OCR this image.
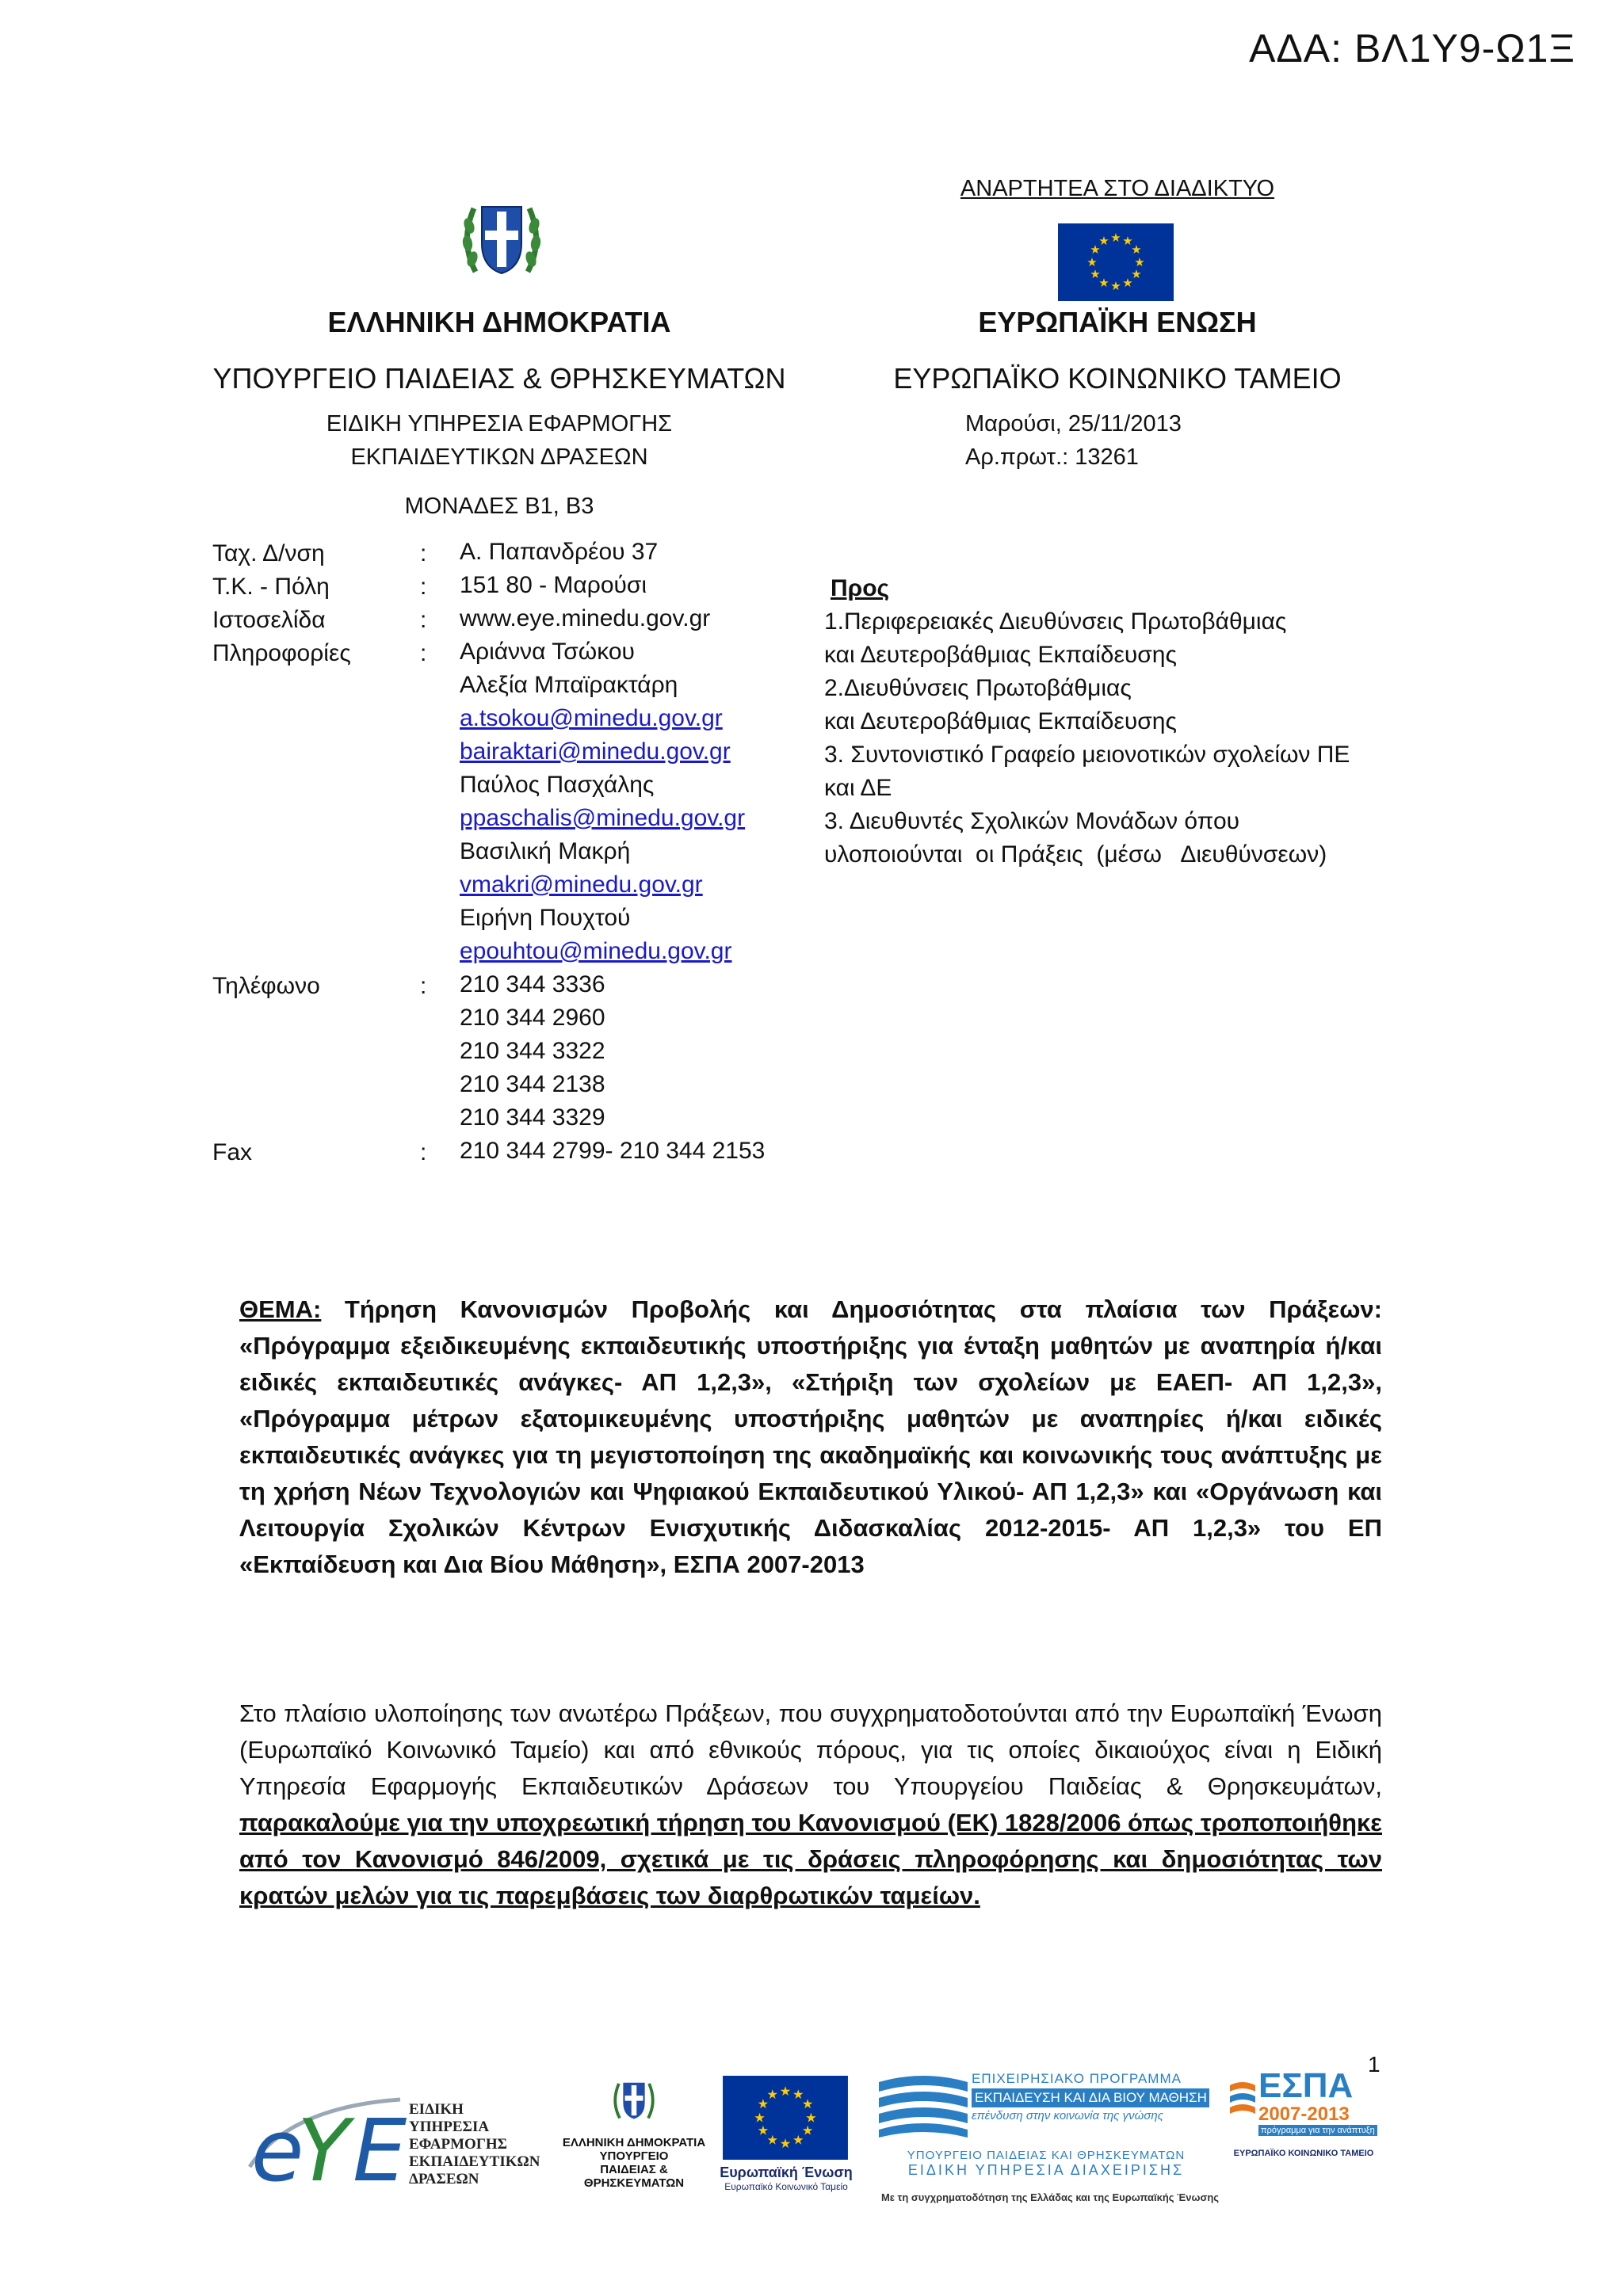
ΑΔΑ: ΒΛ1Υ9-Ω1Ξ
★ ★
★
★
★
★
★
★
★
★
★
★
ΑΝΑΡΤΗΤΕΑ ΣΤΟ ΔΙΑΔΙΚΤΥΟ
ΕΥΡΩΠΑΪΚΗ ΕΝΩΣΗ
ΕΥΡΩΠΑΪΚΟ ΚΟΙΝΩΝΙΚΟ ΤΑΜΕΙΟ
Μαρούσι, 25/11/2013
Αρ.πρωτ.: 13261
ΕΛΛΗΝΙΚΗ ΔΗΜΟΚΡΑΤΙΑ
ΥΠΟΥΡΓΕΙΟ ΠΑΙΔΕΙΑΣ & ΘΡΗΣΚΕΥΜΑΤΩΝ
ΕΙΔΙΚΗ ΥΠΗΡΕΣΙΑ ΕΦΑΡΜΟΓΗΣ
ΕΚΠΑΙΔΕΥΤΙΚΩΝ ΔΡΑΣΕΩΝ
ΜΟΝΑΔΕΣ Β1, Β3
Ταχ. Δ/νση	: Α. Παπανδρέου 37
Τ.Κ. - Πόλη	: 151 80 - Μαρούσι
Ιστοσελίδα	: www.eye.minedu.gov.gr
Πληροφορίες	: Αριάννα Τσώκου
Αλεξία Μπαϊρακτάρη
a.tsokou@minedu.gov.gr
bairaktari@minedu.gov.gr
Παύλος Πασχάλης
ppaschalis@minedu.gov.gr
Βασιλική Μακρή
vmakri@minedu.gov.gr
Ειρήνη Πουχτού
epouhtou@minedu.gov.gr
Τηλέφωνο	: 210 344 3336
210 344 2960
210 344 3322
210 344 2138
210 344 3329
Fax	: 210 344 2799- 210 344 2153
Προς
1.Περιφερειακές Διευθύνσεις Πρωτοβάθμιας
και Δευτεροβάθμιας Εκπαίδευσης
2.Διευθύνσεις Πρωτοβάθμιας
και Δευτεροβάθμιας Εκπαίδευσης
3. Συντονιστικό Γραφείο μειονοτικών σχολείων ΠΕ
και ΔΕ
3. Διευθυντές Σχολικών Μονάδων όπου
υλοποιούνται  οι Πράξεις  (μέσω   Διευθύνσεων)
ΘΕΜΑ: Τήρηση Κανονισμών Προβολής και Δημοσιότητας στα πλαίσια των Πράξεων: «Πρόγραμμα εξειδικευμένης εκπαιδευτικής υποστήριξης για ένταξη μαθητών με αναπηρία ή/και ειδικές εκπαιδευτικές ανάγκες- ΑΠ 1,2,3», «Στήριξη των σχολείων με ΕΑΕΠ- ΑΠ 1,2,3», «Πρόγραμμα μέτρων εξατομικευμένης υποστήριξης μαθητών με αναπηρίες ή/και ειδικές εκπαιδευτικές ανάγκες για τη μεγιστοποίηση της ακαδημαϊκής και κοινωνικής τους ανάπτυξης με τη χρήση Νέων Τεχνολογιών και Ψηφιακού Εκπαιδευτικού Υλικού- ΑΠ 1,2,3» και «Οργάνωση και Λειτουργία Σχολικών Κέντρων Ενισχυτικής Διδασκαλίας 2012-2015- ΑΠ 1,2,3» του ΕΠ «Εκπαίδευση και Δια Βίου Μάθηση», ΕΣΠΑ 2007-2013
Στο πλαίσιο υλοποίησης των ανωτέρω Πράξεων, που συγχρηματοδοτούνται από την Ευρωπαϊκή Ένωση (Ευρωπαϊκό Κοινωνικό Ταμείο) και από εθνικούς πόρους, για τις οποίες δικαιούχος είναι η Ειδική Υπηρεσία Εφαρμογής Εκπαιδευτικών Δράσεων του Υπουργείου Παιδείας & Θρησκευμάτων, παρακαλούμε για την υποχρεωτική τήρηση του Κανονισμού (ΕΚ) 1828/2006 όπως τροποποιήθηκε από τον Κανονισμό 846/2009, σχετικά με τις δράσεις πληροφόρησης και δημοσιότητας των κρατών μελών για τις παρεμβάσεις των διαρθρωτικών ταμείων.
1
e
Y E ΕΙΔΙΚΗ
ΥΠΗΡΕΣΙΑ
ΕΦΑΡΜΟΓΗΣ
ΕΚΠΑΙΔΕΥΤΙΚΩΝ
ΔΡΑΣΕΩΝ
ΕΛΛΗΝΙΚΗ ΔΗΜΟΚΡΑΤΙΑ
ΥΠΟΥΡΓΕΙΟ
ΠΑΙΔΕΙΑΣ & ΘΡΗΣΚΕΥΜΑΤΩΝ
★ ★
★
★
★
★
★
★
★
★
★
★
Ευρωπαϊκή Ένωση
Ευρωπαϊκό Κοινωνικό Ταμείο
ΕΠΙΧΕΙΡΗΣΙΑΚΟ ΠΡΟΓΡΑΜΜΑ
ΕΚΠΑΙΔΕΥΣΗ ΚΑΙ ΔΙΑ ΒΙΟΥ ΜΑΘΗΣΗ
επένδυση στην κοινωνία της γνώσης
ΥΠΟΥΡΓΕΙΟ ΠΑΙΔΕΙΑΣ ΚΑΙ ΘΡΗΣΚΕΥΜΑΤΩΝ
ΕΙΔΙΚΗ ΥΠΗΡΕΣΙΑ ΔΙΑΧΕΙΡΙΣΗΣ
Με τη συγχρηματοδότηση της Ελλάδας και της Ευρωπαϊκής Ένωσης
ΕΣΠΑ
2007-2013
πρόγραμμα για την ανάπτυξη
ΕΥΡΩΠΑΪΚΟ ΚΟΙΝΩΝΙΚΟ ΤΑΜΕΙΟ
